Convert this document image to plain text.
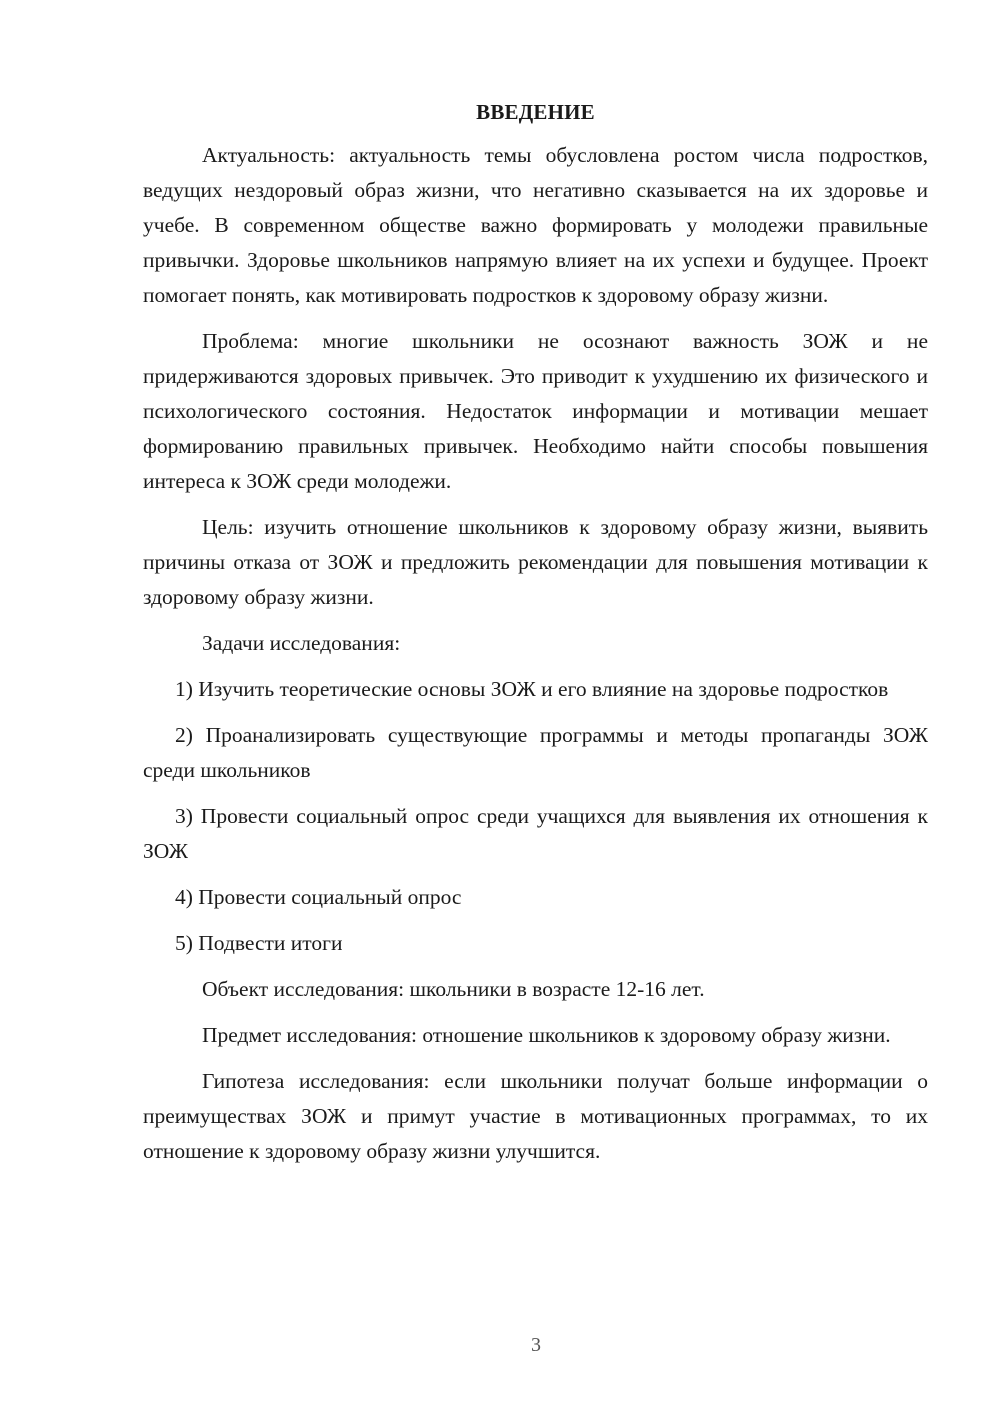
ВВЕДЕНИЕ

Актуальность: актуальность темы обусловлена ростом числа подростков, ведущих нездоровый образ жизни, что негативно сказывается на их здоровье и учебе. В современном обществе важно формировать у молодежи правильные привычки. Здоровье школьников напрямую влияет на их успехи и будущее. Проект помогает понять, как мотивировать подростков к здоровому образу жизни.

Проблема: многие школьники не осознают важность ЗОЖ и не придерживаются здоровых привычек. Это приводит к ухудшению их физического и психологического состояния. Недостаток информации и мотивации мешает формированию правильных привычек. Необходимо найти способы повышения интереса к ЗОЖ среди молодежи.

Цель: изучить отношение школьников к здоровому образу жизни, выявить причины отказа от ЗОЖ и предложить рекомендации для повышения мотивации к здоровому образу жизни.

Задачи исследования:

1) Изучить теоретические основы ЗОЖ и его влияние на здоровье подростков

2) Проанализировать существующие программы и методы пропаганды ЗОЖ среди школьников

3) Провести социальный опрос среди учащихся для выявления их отношения к ЗОЖ

4) Провести социальный опрос

5) Подвести итоги

Объект исследования: школьники в возрасте 12-16 лет.

Предмет исследования: отношение школьников к здоровому образу жизни.

Гипотеза исследования: если школьники получат больше информации о преимуществах ЗОЖ и примут участие в мотивационных программах, то их отношение к здоровому образу жизни улучшится.

3
